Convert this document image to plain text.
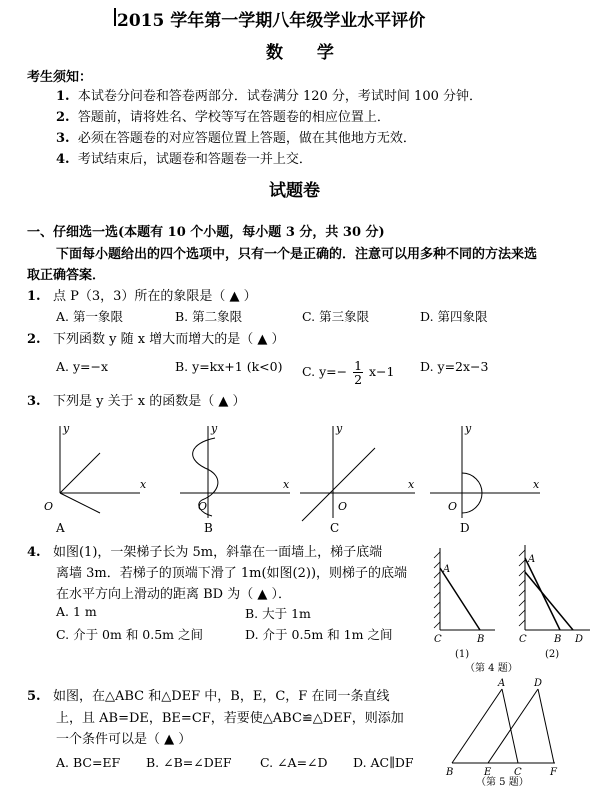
2015 学年第一学期八年级学业水平评价
数 学
考生须知：
1. 本试卷分问卷和答卷两部分．试卷满分 120 分，考试时间 100 分钟．
2. 答题前，请将姓名、学校等写在答题卷的相应位置上．
3. 必须在答题卷的对应答题位置上答题，做在其他地方无效．
4. 考试结束后，试题卷和答题卷一并上交．
试题卷
一、仔细选一选(本题有 10 个小题，每小题 3 分，共 30 分)
下面每小题给出的四个选项中，只有一个是正确的．注意可以用多种不同的方法来选
取正确答案．
1. 点 P（3，3）所在的象限是（ ▲ ）
A. 第一象限	B. 第二象限	C. 第三象限	D. 第四象限
2. 下列函数 y 随 x 增大而增大的是（ ▲ ）
A. y=−x	B. y=kx+1 (k<0) C. $y=- \frac{1}{2} x-1$ D. y=2x−3
3. 下列是 y 关于 x 的函数是（ ▲ ）
x
y
O
A
x
y
O
B
x
y
O
C
x
y
O
D
4. 如图(1)，一架梯子长为 5m，斜靠在一面墙上，梯子底端
离墙 3m．若梯子的顶端下滑了 1m(如图(2))，则梯子的底端
在水平方向上滑动的距离 BD 为（ ▲ ）．
A. 1 m	B. 大于 1m
C. 介于 0m 和 0.5m 之间	D. 介于 0.5m 和 1m 之间
A
C	B
(1)
A
C	B D
(2)
（第 4 题）
5. 如图，在△ABC 和△DEF 中，B，E，C，F 在同一条直线
上，且 AB=DE，BE=CF，若要使△ABC≌△DEF，则添加
一个条件可以是（ ▲ ）
A. BC=EF B. ∠B=∠DEF C. ∠A=∠D D. AC∥DF
A	D
B	E C	F
（第 5 题）
